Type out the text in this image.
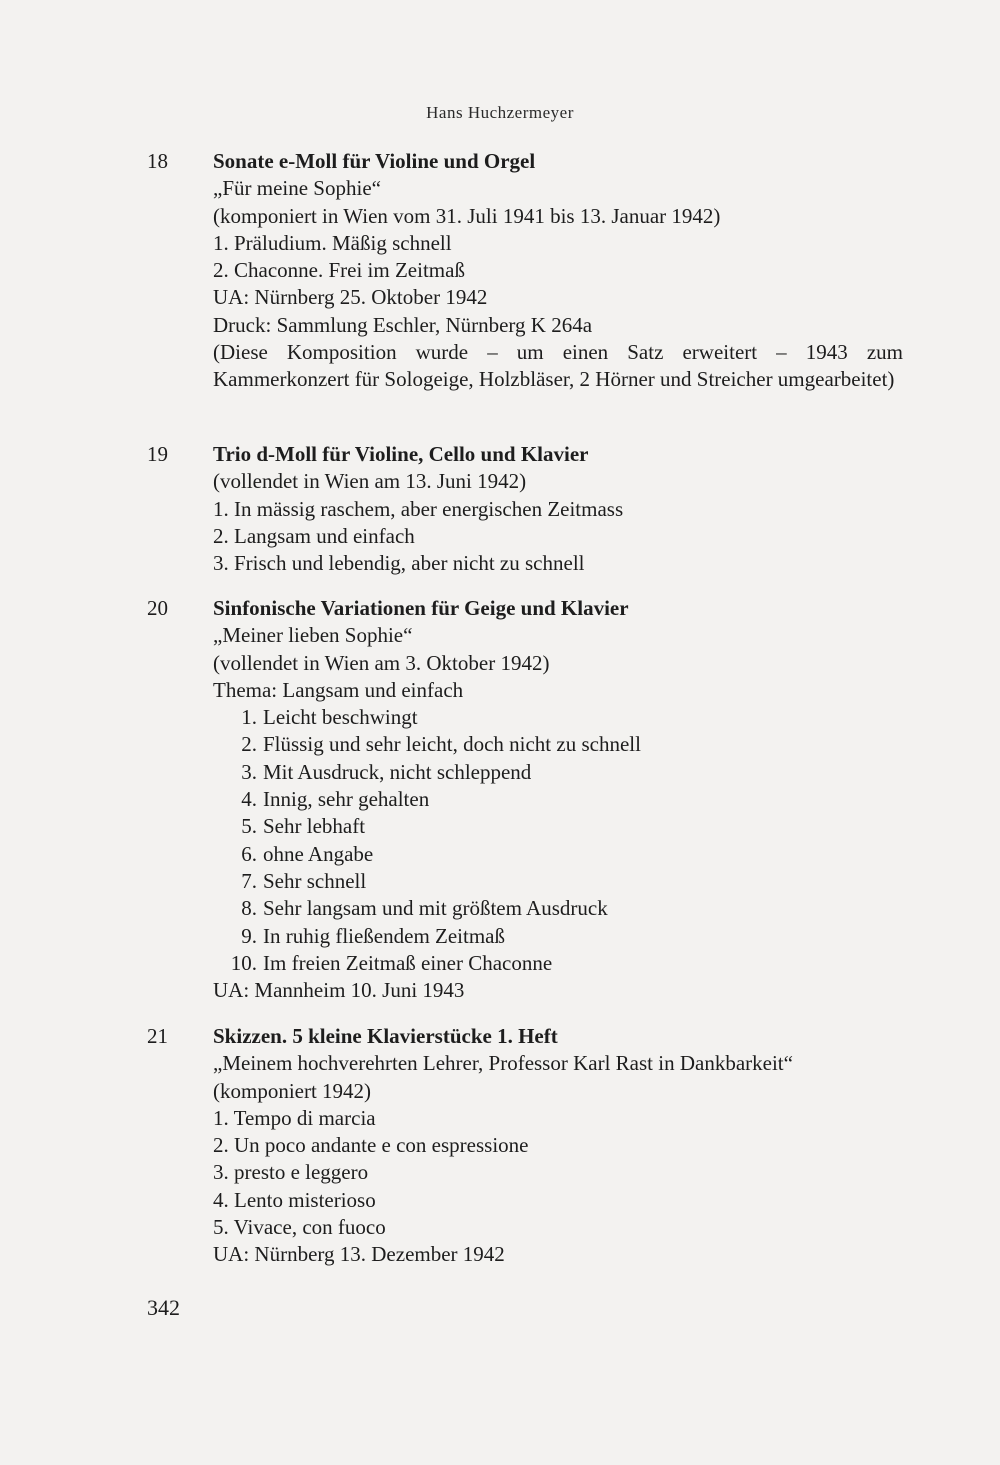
Hans Huchzermeyer
18 Sonate e-Moll für Violine und Orgel
„Für meine Sophie“
(komponiert in Wien vom 31. Juli 1941 bis 13. Januar 1942)
1. Präludium. Mäßig schnell
2. Chaconne. Frei im Zeitmaß
UA: Nürnberg 25. Oktober 1942
Druck: Sammlung Eschler, Nürnberg K 264a
(Diese Komposition wurde – um einen Satz erweitert – 1943 zum Kammerkonzert für Sologeige, Holzbläser, 2 Hörner und Streicher umgearbeitet)
19 Trio d-Moll für Violine, Cello und Klavier
(vollendet in Wien am 13. Juni 1942)
1. In mässig raschem, aber energischen Zeitmass
2. Langsam und einfach
3. Frisch und lebendig, aber nicht zu schnell
20 Sinfonische Variationen für Geige und Klavier
„Meiner lieben Sophie“
(vollendet in Wien am 3. Oktober 1942)
Thema: Langsam und einfach
1. Leicht beschwingt
2. Flüssig und sehr leicht, doch nicht zu schnell
3. Mit Ausdruck, nicht schleppend
4. Innig, sehr gehalten
5. Sehr lebhaft
6. ohne Angabe
7. Sehr schnell
8. Sehr langsam und mit größtem Ausdruck
9. In ruhig fließendem Zeitmaß
10. Im freien Zeitmaß einer Chaconne
UA: Mannheim 10. Juni 1943
21 Skizzen. 5 kleine Klavierstücke 1. Heft
„Meinem hochverehrten Lehrer, Professor Karl Rast in Dankbarkeit“
(komponiert 1942)
1. Tempo di marcia
2. Un poco andante e con espressione
3. presto e leggero
4. Lento misterioso
5. Vivace, con fuoco
UA: Nürnberg 13. Dezember 1942
342
